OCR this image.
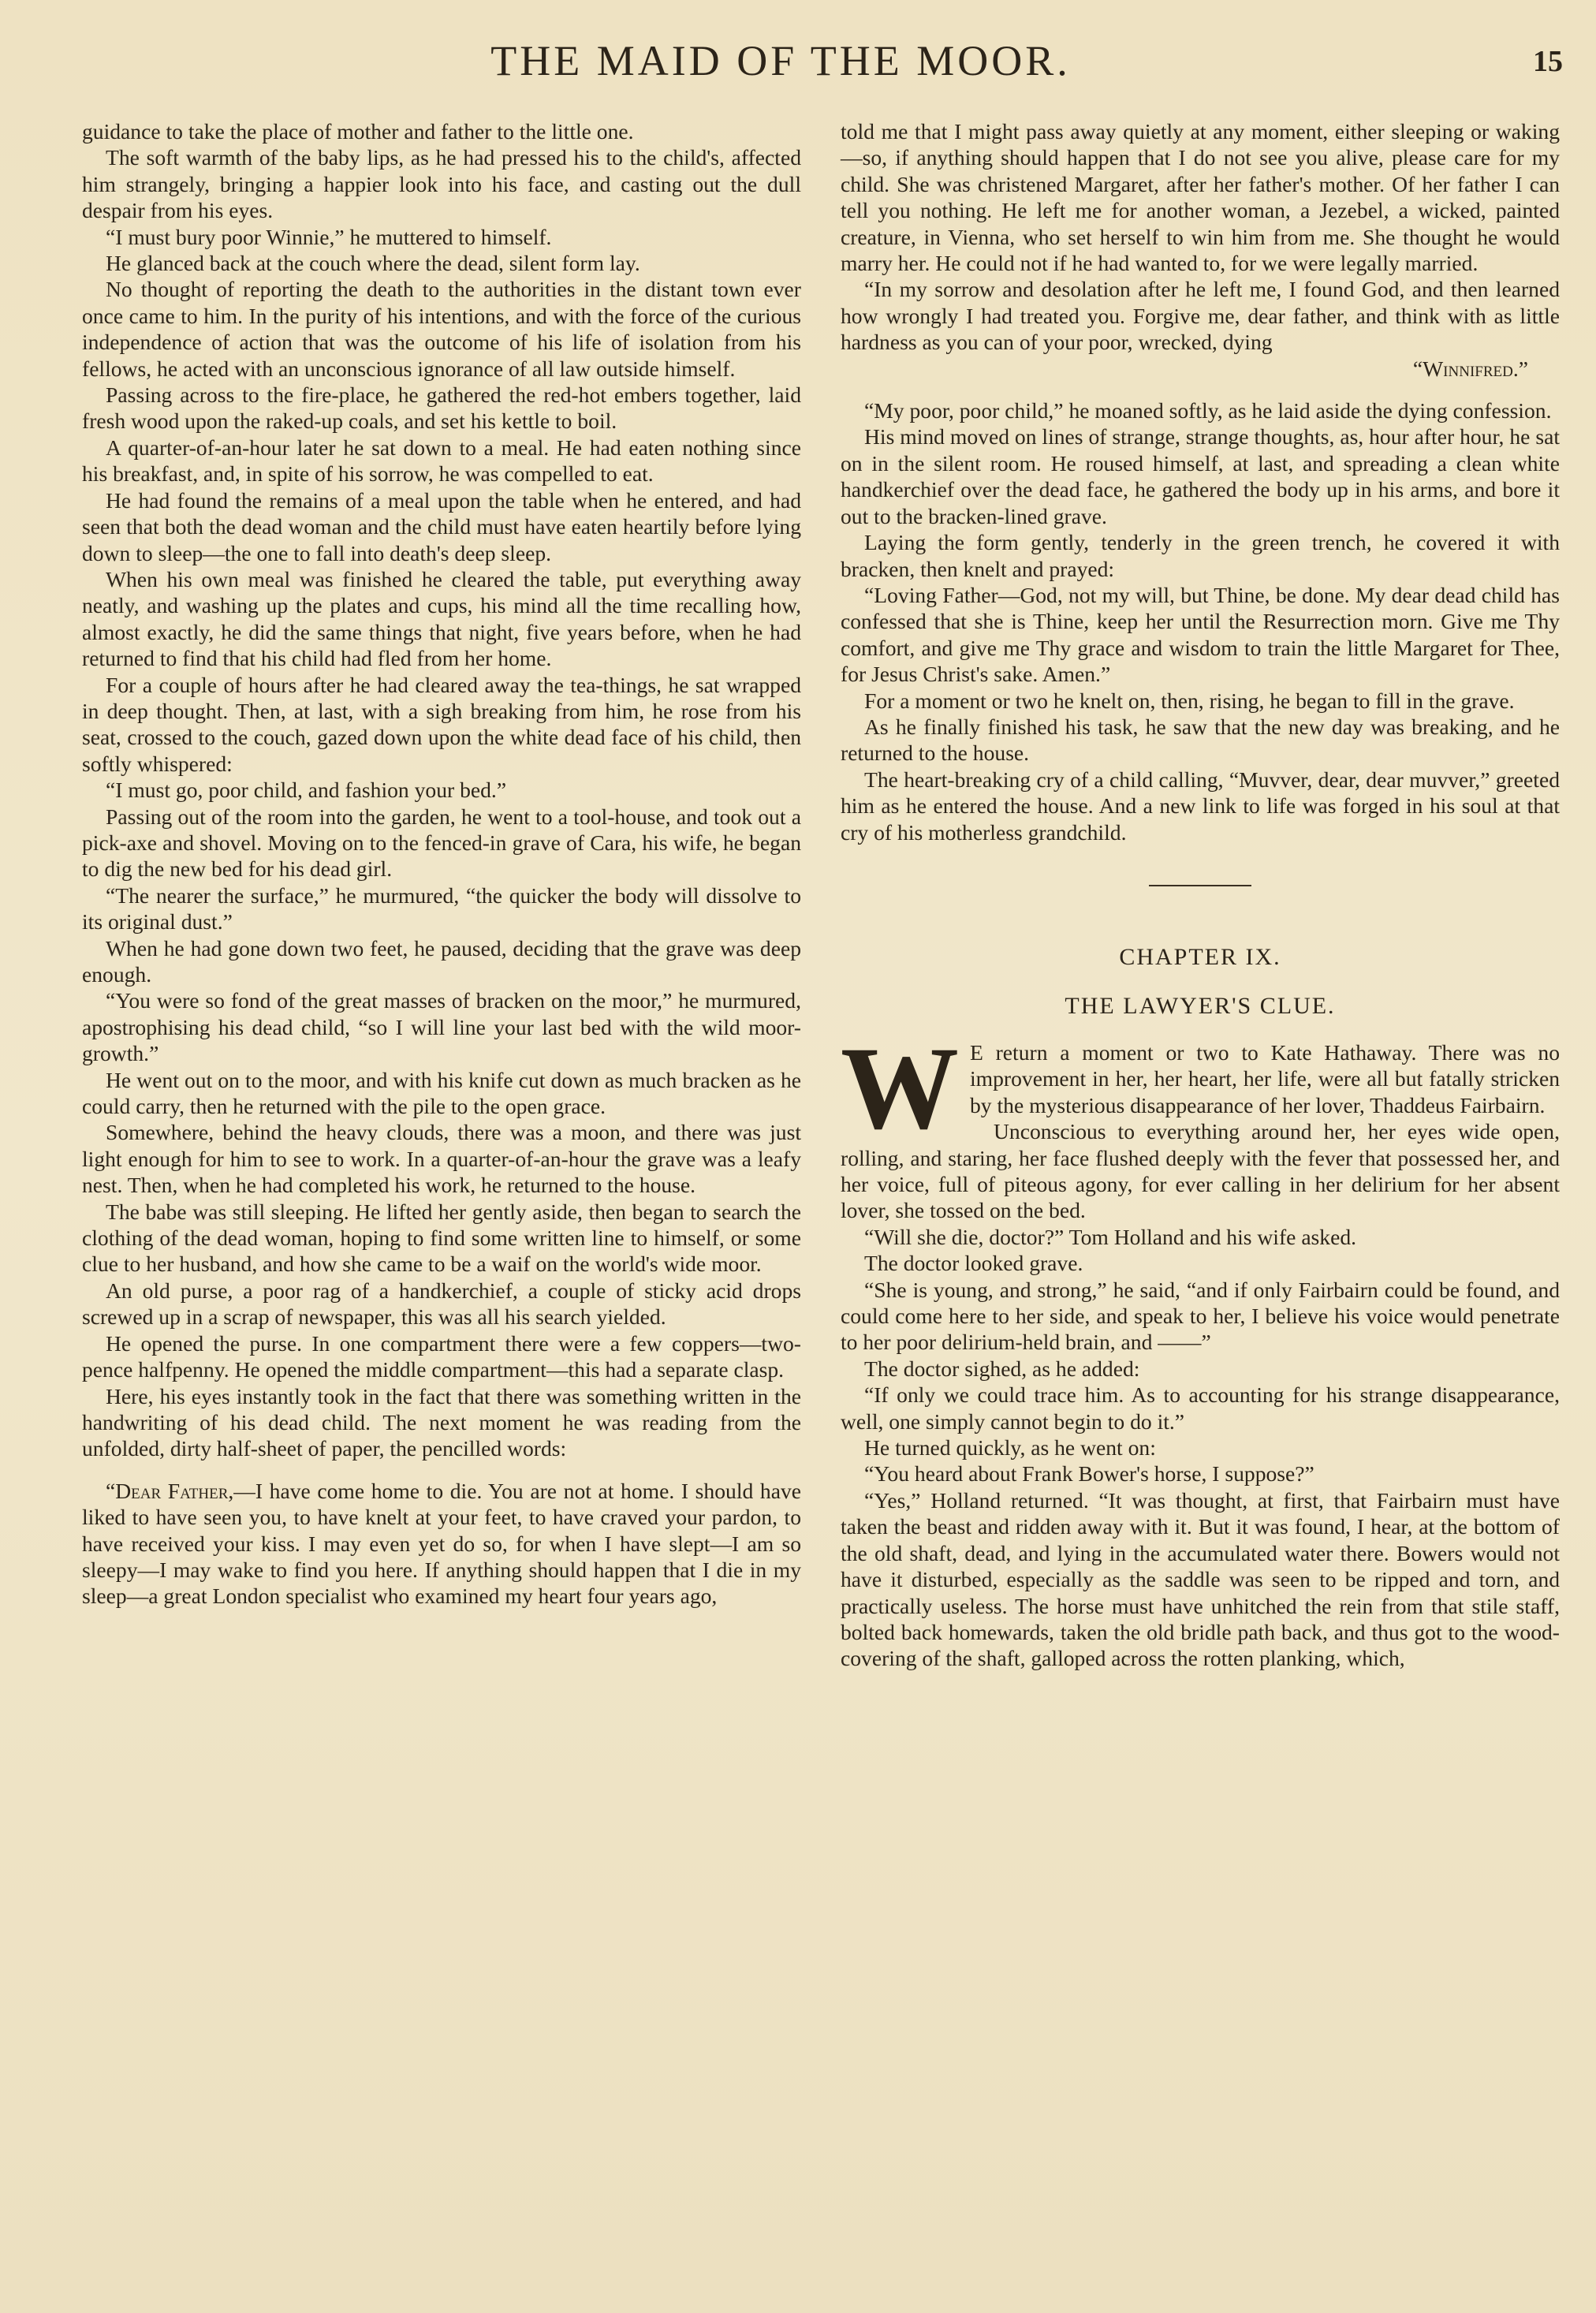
THE MAID OF THE MOOR.	15

guidance to take the place of mother and father to the little one.

The soft warmth of the baby lips, as he had pressed his to the child's, affected him strangely, bringing a happier look into his face, and casting out the dull despair from his eyes.

“I must bury poor Winnie,” he muttered to himself.

He glanced back at the couch where the dead, silent form lay.

No thought of reporting the death to the authorities in the distant town ever once came to him. In the purity of his intentions, and with the force of the curious independence of action that was the outcome of his life of isolation from his fellows, he acted with an unconscious ignorance of all law outside himself.

Passing across to the fire-place, he gathered the red-hot embers together, laid fresh wood upon the raked-up coals, and set his kettle to boil.

A quarter-of-an-hour later he sat down to a meal. He had eaten nothing since his breakfast, and, in spite of his sorrow, he was compelled to eat.

He had found the remains of a meal upon the table when he entered, and had seen that both the dead woman and the child must have eaten heartily before lying down to sleep—the one to fall into death's deep sleep.

When his own meal was finished he cleared the table, put everything away neatly, and washing up the plates and cups, his mind all the time recalling how, almost exactly, he did the same things that night, five years before, when he had returned to find that his child had fled from her home.

For a couple of hours after he had cleared away the tea-things, he sat wrapped in deep thought. Then, at last, with a sigh breaking from him, he rose from his seat, crossed to the couch, gazed down upon the white dead face of his child, then softly whispered:

“I must go, poor child, and fashion your bed.”

Passing out of the room into the garden, he went to a tool-house, and took out a pick-axe and shovel. Moving on to the fenced-in grave of Cara, his wife, he began to dig the new bed for his dead girl.

“The nearer the surface,” he murmured, “the quicker the body will dissolve to its original dust.”

When he had gone down two feet, he paused, deciding that the grave was deep enough.

“You were so fond of the great masses of bracken on the moor,” he murmured, apostrophising his dead child, “so I will line your last bed with the wild moor-growth.”

He went out on to the moor, and with his knife cut down as much bracken as he could carry, then he returned with the pile to the open grace.

Somewhere, behind the heavy clouds, there was a moon, and there was just light enough for him to see to work. In a quarter-of-an-hour the grave was a leafy nest. Then, when he had completed his work, he returned to the house.

The babe was still sleeping. He lifted her gently aside, then began to search the clothing of the dead woman, hoping to find some written line to himself, or some clue to her husband, and how she came to be a waif on the world's wide moor.

An old purse, a poor rag of a handkerchief, a couple of sticky acid drops screwed up in a scrap of newspaper, this was all his search yielded.

He opened the purse. In one compartment there were a few coppers—two-pence halfpenny. He opened the middle compartment—this had a separate clasp.

Here, his eyes instantly took in the fact that there was something written in the handwriting of his dead child. The next moment he was reading from the unfolded, dirty half-sheet of paper, the pencilled words:

“Dear Father,—I have come home to die. You are not at home. I should have liked to have seen you, to have knelt at your feet, to have craved your pardon, to have received your kiss. I may even yet do so, for when I have slept—I am so sleepy—I may wake to find you here. If anything should happen that I die in my sleep—a great London specialist who examined my heart four years ago,

told me that I might pass away quietly at any moment, either sleeping or waking—so, if anything should happen that I do not see you alive, please care for my child. She was christened Margaret, after her father's mother. Of her father I can tell you nothing. He left me for another woman, a Jezebel, a wicked, painted creature, in Vienna, who set herself to win him from me. She thought he would marry her. He could not if he had wanted to, for we were legally married.

“In my sorrow and desolation after he left me, I found God, and then learned how wrongly I had treated you. Forgive me, dear father, and think with as little hardness as you can of your poor, wrecked, dying

“Winnifred.”

“My poor, poor child,” he moaned softly, as he laid aside the dying confession.

His mind moved on lines of strange, strange thoughts, as, hour after hour, he sat on in the silent room. He roused himself, at last, and spreading a clean white handkerchief over the dead face, he gathered the body up in his arms, and bore it out to the bracken-lined grave.

Laying the form gently, tenderly in the green trench, he covered it with bracken, then knelt and prayed:

“Loving Father—God, not my will, but Thine, be done. My dear dead child has confessed that she is Thine, keep her until the Resurrection morn. Give me Thy comfort, and give me Thy grace and wisdom to train the little Margaret for Thee, for Jesus Christ's sake. Amen.”

For a moment or two he knelt on, then, rising, he began to fill in the grave.

As he finally finished his task, he saw that the new day was breaking, and he returned to the house.

The heart-breaking cry of a child calling, “Muvver, dear, dear muvver,” greeted him as he entered the house. And a new link to life was forged in his soul at that cry of his motherless grandchild.

CHAPTER IX.
THE LAWYER'S CLUE.

W E return a moment or two to Kate Hathaway. There was no improvement in her, her heart, her life, were all but fatally stricken by the mysterious disappearance of her lover, Thaddeus Fairbairn.

Unconscious to everything around her, her eyes wide open, rolling, and staring, her face flushed deeply with the fever that possessed her, and her voice, full of piteous agony, for ever calling in her delirium for her absent lover, she tossed on the bed.

“Will she die, doctor?” Tom Holland and his wife asked.

The doctor looked grave.

“She is young, and strong,” he said, “and if only Fairbairn could be found, and could come here to her side, and speak to her, I believe his voice would penetrate to her poor delirium-held brain, and ——”

The doctor sighed, as he added:

“If only we could trace him. As to accounting for his strange disappearance, well, one simply cannot begin to do it.”

He turned quickly, as he went on:

“You heard about Frank Bower's horse, I suppose?”

“Yes,” Holland returned. “It was thought, at first, that Fairbairn must have taken the beast and ridden away with it. But it was found, I hear, at the bottom of the old shaft, dead, and lying in the accumulated water there. Bowers would not have it disturbed, especially as the saddle was seen to be ripped and torn, and practically useless. The horse must have unhitched the rein from that stile staff, bolted back homewards, taken the old bridle path back, and thus got to the wood-covering of the shaft, galloped across the rotten planking, which,
